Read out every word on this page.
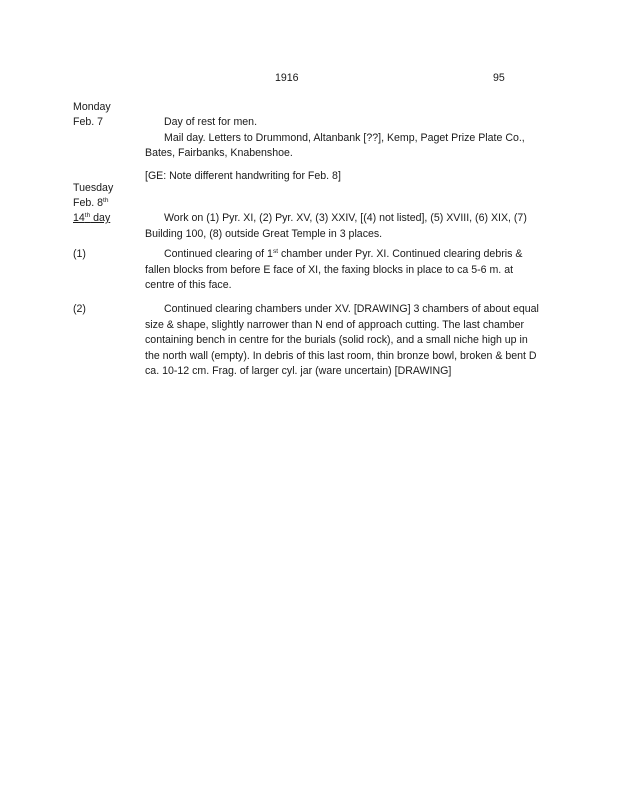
1916	95
Monday
Feb. 7	Day of rest for men.

Mail day. Letters to Drummond, Altanbank [??], Kemp, Paget Prize Plate Co., Bates, Fairbanks, Knabenshoe.

[GE: Note different handwriting for Feb. 8]
Tuesday
Feb. 8th
14th day	Work on (1) Pyr. XI, (2) Pyr. XV, (3) XXIV, [(4) not listed], (5) XVIII, (6) XIX, (7) Building 100, (8) outside Great Temple in 3 places.

(1)	Continued clearing of 1st chamber under Pyr. XI. Continued clearing debris & fallen blocks from before E face of XI, the faxing blocks in place to ca 5-6 m. at centre of this face.

(2)	Continued clearing chambers under XV. [DRAWING] 3 chambers of about equal size & shape, slightly narrower than N end of approach cutting. The last chamber containing bench in centre for the burials (solid rock), and a small niche high up in the north wall (empty). In debris of this last room, thin bronze bowl, broken & bent D ca. 10-12 cm. Frag. of larger cyl. jar (ware uncertain) [DRAWING]
